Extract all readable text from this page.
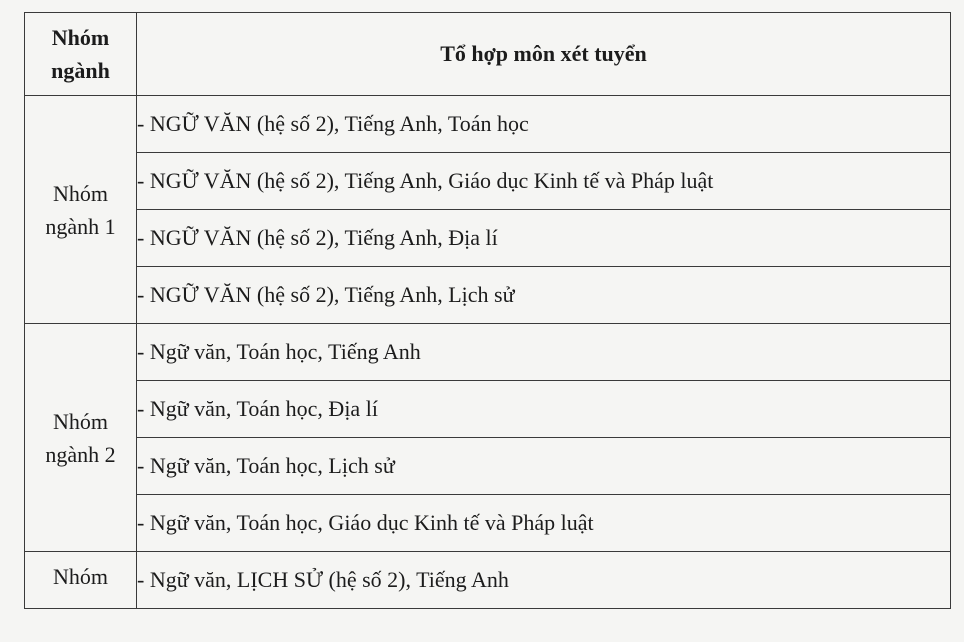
Nhóm
ngành	Tổ hợp môn xét tuyển
Nhóm
ngành 1	- NGỮ VĂN (hệ số 2), Tiếng Anh, Toán học
	- NGỮ VĂN (hệ số 2), Tiếng Anh, Giáo dục Kinh tế và Pháp luật
	- NGỮ VĂN (hệ số 2), Tiếng Anh, Địa lí
	- NGỮ VĂN (hệ số 2), Tiếng Anh, Lịch sử
Nhóm
ngành 2	- Ngữ văn, Toán học, Tiếng Anh
	- Ngữ văn, Toán học, Địa lí
	- Ngữ văn, Toán học, Lịch sử
	- Ngữ văn, Toán học, Giáo dục Kinh tế và Pháp luật
Nhóm	- Ngữ văn, LỊCH SỬ (hệ số 2), Tiếng Anh
